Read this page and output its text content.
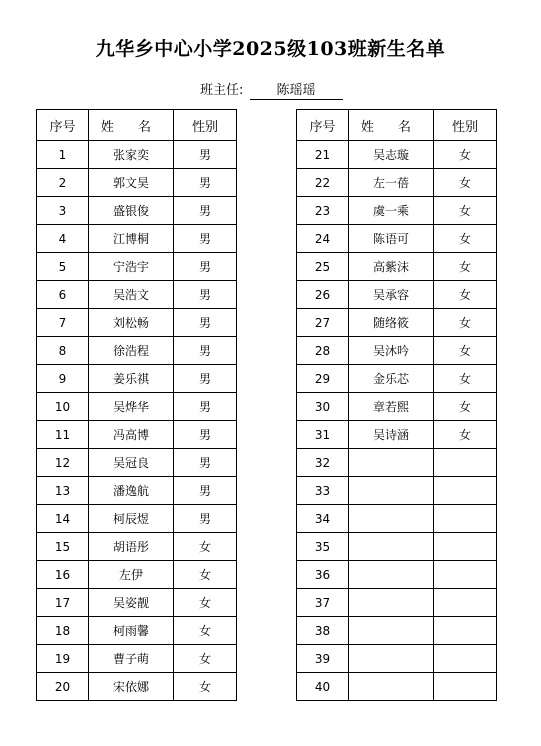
九华乡中心小学2025级103班新生名单
班主任:	陈瑶瑶
序号	姓 名	性别
1	张家奕	男
2	郭文昊	男
3	盛银俊	男
4	江博桐	男
5	宁浩宇	男
6	吴浩文	男
7	刘松畅	男
8	徐浩程	男
9	姜乐祺	男
10	吴烨华	男
11	冯高博	男
12	吴冠良	男
13	潘逸航	男
14	柯辰煜	男
15	胡语彤	女
16	左伊	女
17	吴姿靓	女
18	柯雨馨	女
19	曹子萌	女
20	宋依娜	女
序号	姓 名	性别
21	吴志璇	女
22	左一蓓	女
23	虞一乘	女
24	陈语可	女
25	高紫沫	女
26	吴承容	女
27	随络筱	女
28	吴沐吟	女
29	金乐芯	女
30	章若熙	女
31	吴诗涵	女
32		
33		
34		
35		
36		
37		
38		
39		
40		
